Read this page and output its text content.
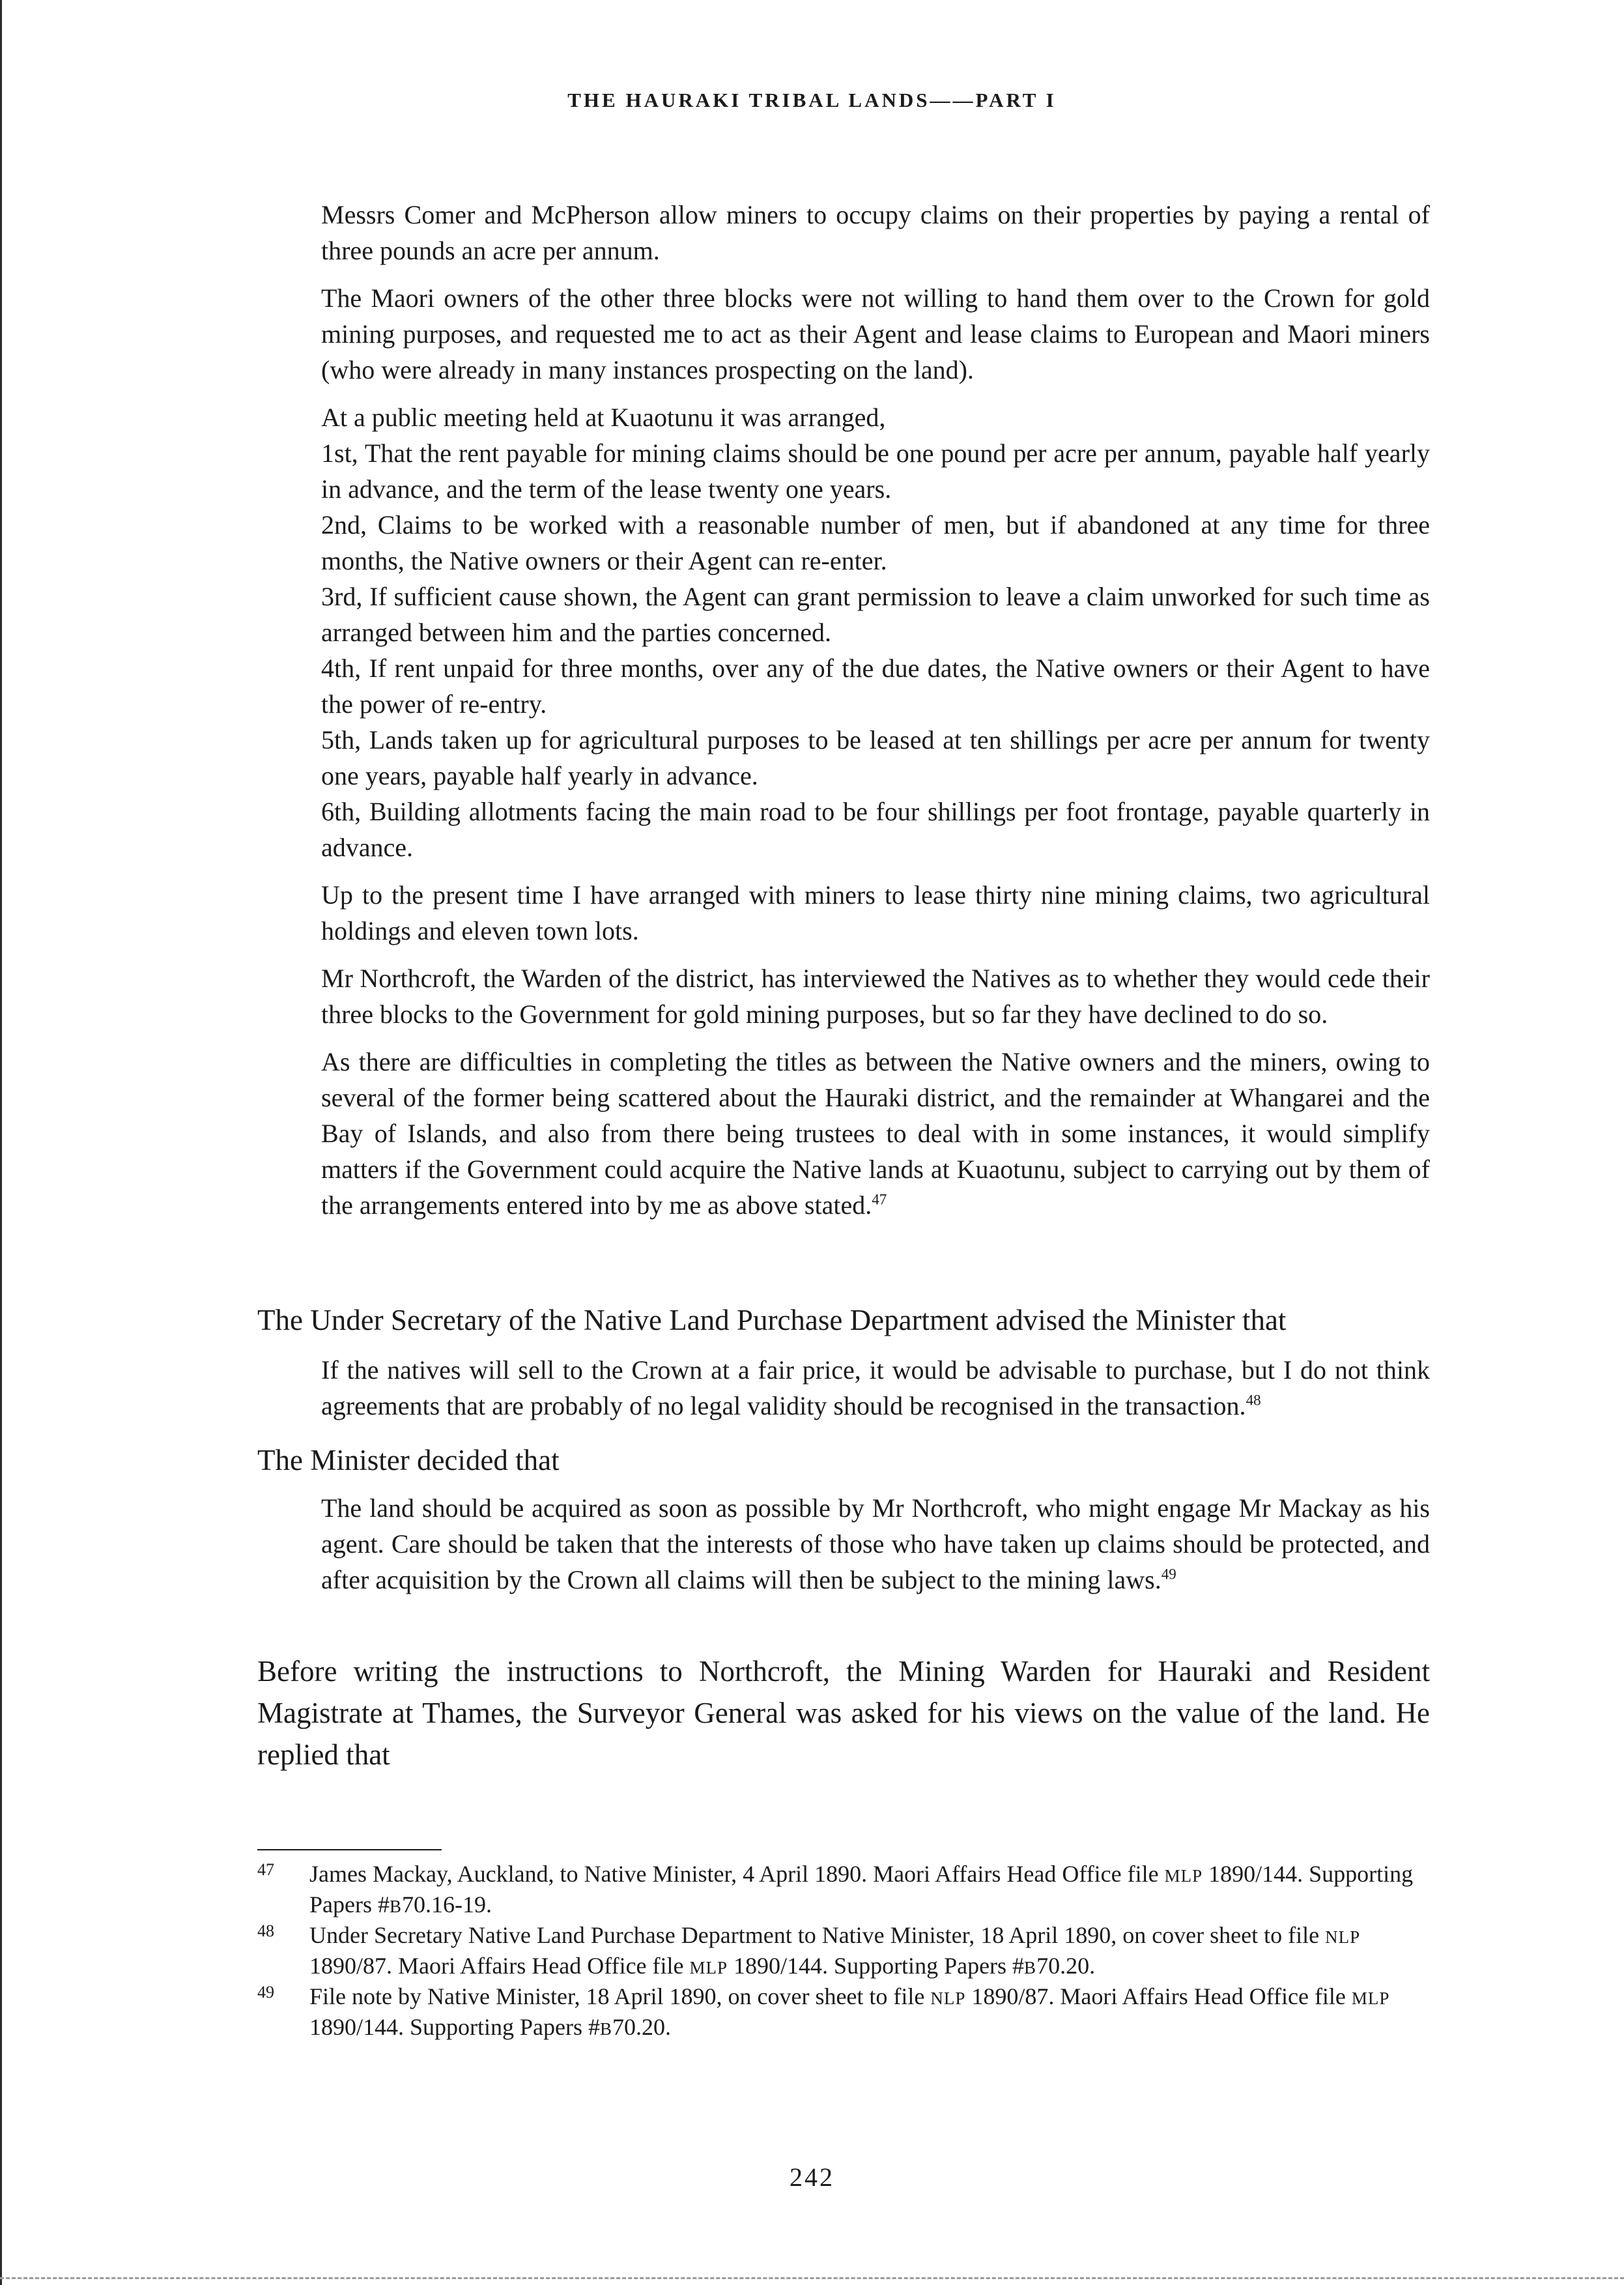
THE HAURAKI TRIBAL LANDS——PART I

Messrs Comer and McPherson allow miners to occupy claims on their properties by paying a rental of three pounds an acre per annum.

The Maori owners of the other three blocks were not willing to hand them over to the Crown for gold mining purposes, and requested me to act as their Agent and lease claims to European and Maori miners (who were already in many instances prospecting on the land).

At a public meeting held at Kuaotunu it was arranged,

1st, That the rent payable for mining claims should be one pound per acre per annum, payable half yearly in advance, and the term of the lease twenty one years.

2nd, Claims to be worked with a reasonable number of men, but if abandoned at any time for three months, the Native owners or their Agent can re-enter.

3rd, If sufficient cause shown, the Agent can grant permission to leave a claim unworked for such time as arranged between him and the parties concerned.

4th, If rent unpaid for three months, over any of the due dates, the Native owners or their Agent to have the power of re-entry.

5th, Lands taken up for agricultural purposes to be leased at ten shillings per acre per annum for twenty one years, payable half yearly in advance.

6th, Building allotments facing the main road to be four shillings per foot frontage, payable quarterly in advance.

Up to the present time I have arranged with miners to lease thirty nine mining claims, two agricultural holdings and eleven town lots.

Mr Northcroft, the Warden of the district, has interviewed the Natives as to whether they would cede their three blocks to the Government for gold mining purposes, but so far they have declined to do so.

As there are difficulties in completing the titles as between the Native owners and the miners, owing to several of the former being scattered about the Hauraki district, and the remainder at Whangarei and the Bay of Islands, and also from there being trustees to deal with in some instances, it would simplify matters if the Government could acquire the Native lands at Kuaotunu, subject to carrying out by them of the arrangements entered into by me as above stated.$^{47}$

The Under Secretary of the Native Land Purchase Department advised the Minister that

If the natives will sell to the Crown at a fair price, it would be advisable to purchase, but I do not think agreements that are probably of no legal validity should be recognised in the transaction.$^{48}$

The Minister decided that

The land should be acquired as soon as possible by Mr Northcroft, who might engage Mr Mackay as his agent. Care should be taken that the interests of those who have taken up claims should be protected, and after acquisition by the Crown all claims will then be subject to the mining laws.$^{49}$

Before writing the instructions to Northcroft, the Mining Warden for Hauraki and Resident Magistrate at Thames, the Surveyor General was asked for his views on the value of the land. He replied that

47 James Mackay, Auckland, to Native Minister, 4 April 1890. Maori Affairs Head Office file MLP 1890/144. Supporting Papers #B70.16-19.

48 Under Secretary Native Land Purchase Department to Native Minister, 18 April 1890, on cover sheet to file NLP 1890/87. Maori Affairs Head Office file MLP 1890/144. Supporting Papers #B70.20.

49 File note by Native Minister, 18 April 1890, on cover sheet to file NLP 1890/87. Maori Affairs Head Office file MLP 1890/144. Supporting Papers #B70.20.

242
